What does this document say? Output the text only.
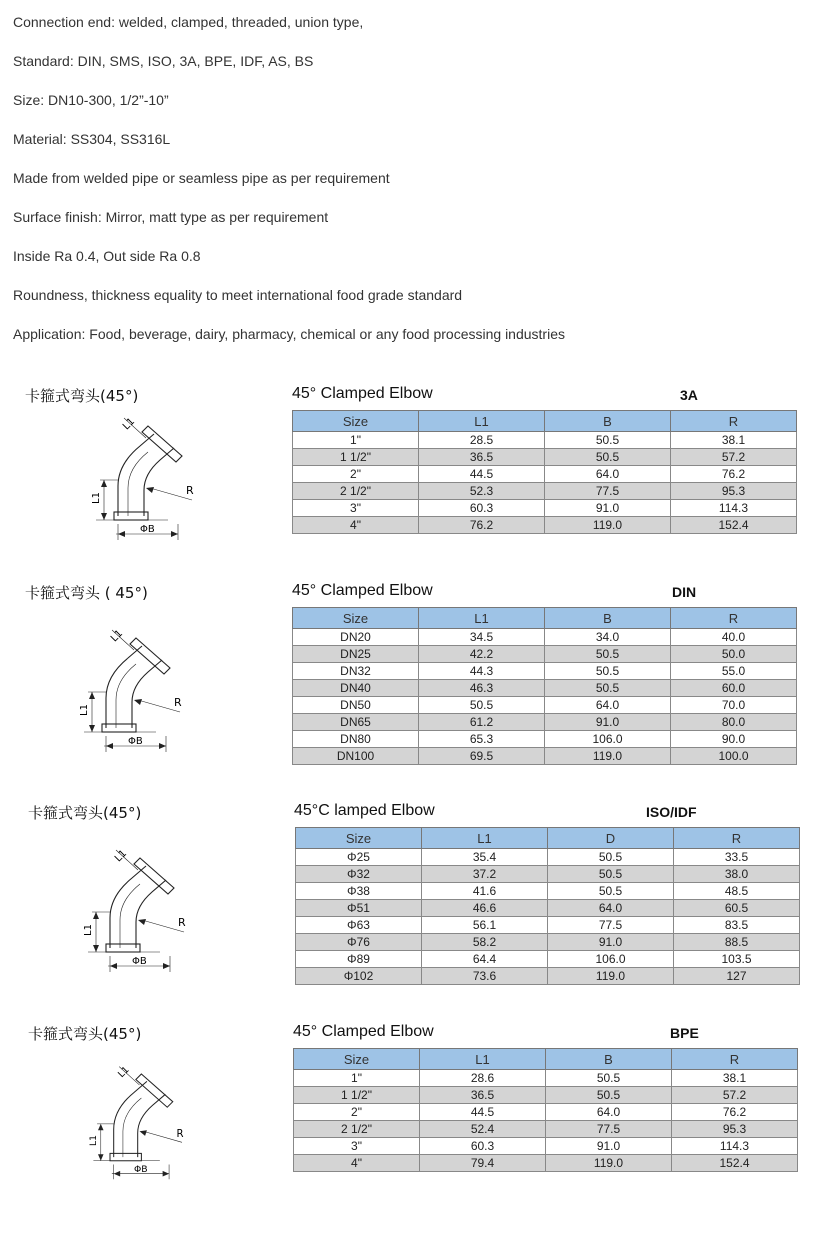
Connection end: welded, clamped, threaded, union type,
Standard: DIN, SMS, ISO, 3A, BPE, IDF, AS, BS
Size: DN10-300, 1/2”-10”
Material: SS304, SS316L
Made from welded pipe or seamless pipe as per requirement
Surface finish: Mirror, matt type as per requirement
Inside Ra 0.4, Out side Ra 0.8
Roundness, thickness equality to meet international food grade standard
Application: Food, beverage, dairy, pharmacy, chemical or any food processing industries
卡箍式弯头(45°)	45° Clamped Elbow	3A
卡箍式弯头 ( 45°)	45° Clamped Elbow	DIN
卡箍式弯头(45°)	45°C lamped Elbow	ISO/IDF
卡箍式弯头(45°)	45° Clamped Elbow	BPE
L1
L1
R
ΦB
L1
L1
R
ΦB
L1
L1
R
ΦB
L1
L1
R
ΦB
Size	L1	B	R
1"	28.5	50.5	38.1
1 1/2"	36.5	50.5	57.2
2"	44.5	64.0	76.2
2 1/2"	52.3	77.5	95.3
3"	60.3	91.0	114.3
4"	76.2	119.0	152.4
Size	L1	B	R
DN20	34.5	34.0	40.0
DN25	42.2	50.5	50.0
DN32	44.3	50.5	55.0
DN40	46.3	50.5	60.0
DN50	50.5	64.0	70.0
DN65	61.2	91.0	80.0
DN80	65.3	106.0	90.0
DN100	69.5	119.0	100.0
Size	L1	D	R
Φ25	35.4	50.5	33.5
Φ32	37.2	50.5	38.0
Φ38	41.6	50.5	48.5
Φ51	46.6	64.0	60.5
Φ63	56.1	77.5	83.5
Φ76	58.2	91.0	88.5
Φ89	64.4	106.0	103.5
Φ102	73.6	119.0	127
Size	L1	B	R
1"	28.6	50.5	38.1
1 1/2"	36.5	50.5	57.2
2"	44.5	64.0	76.2
2 1/2"	52.4	77.5	95.3
3"	60.3	91.0	114.3
4"	79.4	119.0	152.4
